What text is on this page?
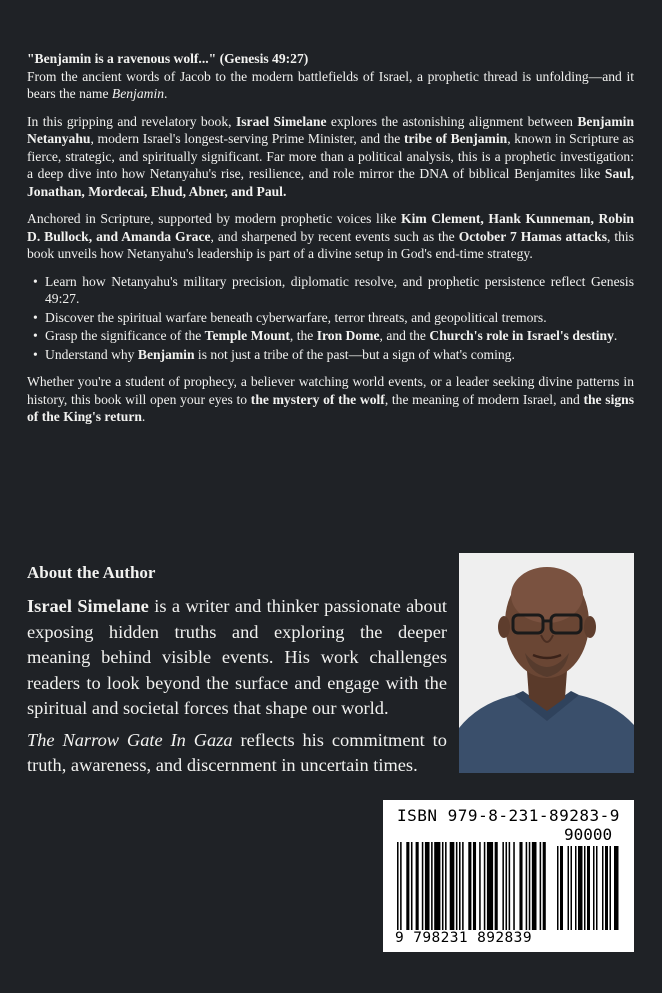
"Benjamin is a ravenous wolf..." (Genesis 49:27)

From the ancient words of Jacob to the modern battlefields of Israel, a prophetic thread is unfolding—and it bears the name Benjamin.

In this gripping and revelatory book, Israel Simelane explores the astonishing alignment between Benjamin Netanyahu, modern Israel's longest-serving Prime Minister, and the tribe of Benjamin, known in Scripture as fierce, strategic, and spiritually significant. Far more than a political analysis, this is a prophetic investigation: a deep dive into how Netanyahu's rise, resilience, and role mirror the DNA of biblical Benjamites like Saul, Jonathan, Mordecai, Ehud, Abner, and Paul.

Anchored in Scripture, supported by modern prophetic voices like Kim Clement, Hank Kunneman, Robin D. Bullock, and Amanda Grace, and sharpened by recent events such as the October 7 Hamas attacks, this book unveils how Netanyahu's leadership is part of a divine setup in God's end-time strategy.

• Learn how Netanyahu's military precision, diplomatic resolve, and prophetic persistence reflect Genesis 49:27.
• Discover the spiritual warfare beneath cyberwarfare, terror threats, and geopolitical tremors.
• Grasp the significance of the Temple Mount, the Iron Dome, and the Church's role in Israel's destiny.
• Understand why Benjamin is not just a tribe of the past—but a sign of what's coming.

Whether you're a student of prophecy, a believer watching world events, or a leader seeking divine patterns in history, this book will open your eyes to the mystery of the wolf, the meaning of modern Israel, and the signs of the King's return.

About the Author

Israel Simelane is a writer and thinker passionate about exposing hidden truths and exploring the deeper meaning behind visible events. His work challenges readers to look beyond the surface and engage with the spiritual and societal forces that shape our world.

The Narrow Gate In Gaza reflects his commitment to truth, awareness, and discernment in uncertain times.

ISBN 979-8-231-89283-9
90000
9 798231 892839
